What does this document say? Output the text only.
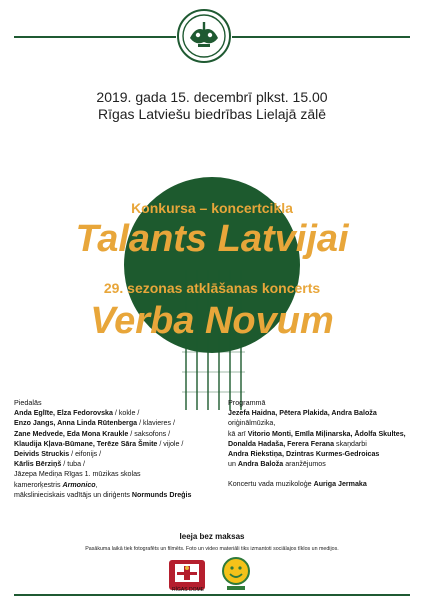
2019. gada 15. decembrī plkst. 15.00
Rīgas Latviešu biedrības Lielajā zālē
Konkursa – koncertcikla
Talants Latvijai
29. sezonas atklāšanas koncerts
Verba Novum
Piedalās
Anda Eglīte, Elza Fedorovska / kokle /
Enzo Jangs, Anna Linda Rūtenberga / klavieres /
Zane Medvede, Eda Mona Kraukle / saksofons /
Klaudija Kļava-Būmane, Terēze Sāra Šmite / vijole /
Deivids Struckis / eifonijs /
Kārlis Bērziņš / tuba /
Jāzepa Mediņa Rīgas 1. mūzikas skolas
kamerorķestris Armonico,
mākslinieciskais vadītājs un diriģents Normunds Dreģis
Programmā
Jezefa Haidna, Pētera Plakida, Andra Baloža
oriģinālmūzika,
kā arī Vitorio Monti, Emīla Miļinarska, Ādolfa Skultes,
Donalda Hadaša, Ferera Ferana skaņdarbi
Andra Riekstiņa, Dzintras Kurmes-Gedroicas
un Andra Baloža aranžējumos
Koncertu vada muzikoloģe Auriga Jermaka
Ieeja bez maksas
Pasākuma laikā tiek fotografēts un filmēts. Foto un video materiāli tiks izmantoti sociālajos tīklos un medijos.
RĪGAS DOME
